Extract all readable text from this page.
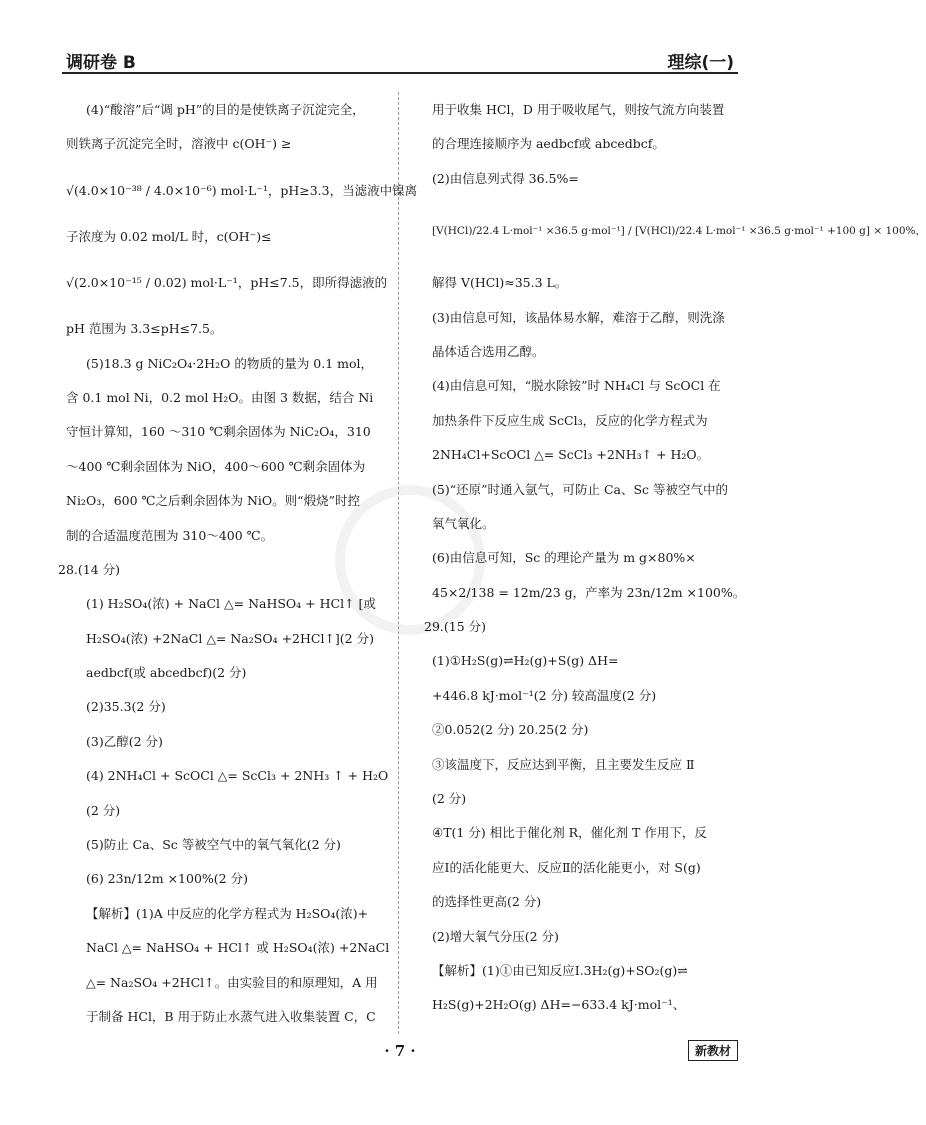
调研卷 B	理综(一)
(4)“酸溶”后“调 pH”的目的是使铁离子沉淀完全，
则铁离子沉淀完全时，溶液中 c(OH⁻) ≥
√(4.0×10⁻³⁸ / 4.0×10⁻⁶) mol·L⁻¹，pH≥3.3，当滤液中镍离
子浓度为 0.02 mol/L 时，c(OH⁻)≤
√(2.0×10⁻¹⁵ / 0.02) mol·L⁻¹，pH≤7.5，即所得滤液的
pH 范围为 3.3≤pH≤7.5。
(5)18.3 g NiC₂O₄·2H₂O 的物质的量为 0.1 mol，
含 0.1 mol Ni，0.2 mol H₂O。由图 3 数据，结合 Ni
守恒计算知，160 ～310 ℃剩余固体为 NiC₂O₄，310
～400 ℃剩余固体为 NiO，400～600 ℃剩余固体为
Ni₂O₃，600 ℃之后剩余固体为 NiO。则“煅烧”时控
制的合适温度范围为 310～400 ℃。
28.(14 分)
(1) H₂SO₄(浓) + NaCl △= NaHSO₄ + HCl↑ [或
H₂SO₄(浓) +2NaCl △= Na₂SO₄ +2HCl↑](2 分)
aedbcf(或 abcedbcf)(2 分)
(2)35.3(2 分)
(3)乙醇(2 分)
(4) 2NH₄Cl + ScOCl △= ScCl₃ + 2NH₃ ↑ + H₂O
(2 分)
(5)防止 Ca、Sc 等被空气中的氧气氧化(2 分)
(6) 23n/12m ×100%(2 分)
【解析】(1)A 中反应的化学方程式为 H₂SO₄(浓)+
NaCl △= NaHSO₄ + HCl↑ 或 H₂SO₄(浓) +2NaCl
△= Na₂SO₄ +2HCl↑。由实验目的和原理知，A 用
于制备 HCl，B 用于防止水蒸气进入收集装置 C，C
用于收集 HCl，D 用于吸收尾气，则按气流方向装置
的合理连接顺序为 aedbcf或 abcedbcf。
(2)由信息列式得 36.5%=
[V(HCl)/22.4 L·mol⁻¹ ×36.5 g·mol⁻¹] / [V(HCl)/22.4 L·mol⁻¹ ×36.5 g·mol⁻¹ +100 g] × 100%，
解得 V(HCl)≈35.3 L。
(3)由信息可知，该晶体易水解，难溶于乙醇，则洗涤
晶体适合选用乙醇。
(4)由信息可知，“脱水除铵”时 NH₄Cl 与 ScOCl 在
加热条件下反应生成 ScCl₃，反应的化学方程式为
2NH₄Cl+ScOCl △= ScCl₃ +2NH₃↑ + H₂O。
(5)“还原”时通入氩气，可防止 Ca、Sc 等被空气中的
氧气氧化。
(6)由信息可知，Sc 的理论产量为 m g×80%×
45×2/138 = 12m/23 g，产率为 23n/12m ×100%。
29.(15 分)
(1)①H₂S(g)⇌H₂(g)+S(g) ΔH=
+446.8 kJ·mol⁻¹(2 分) 较高温度(2 分)
②0.052(2 分) 20.25(2 分)
③该温度下，反应达到平衡，且主要发生反应 Ⅱ
(2 分)
④T(1 分) 相比于催化剂 R，催化剂 T 作用下，反
应Ⅰ的活化能更大、反应Ⅱ的活化能更小，对 S(g)
的选择性更高(2 分)
(2)增大氧气分压(2 分)
【解析】(1)①由已知反应Ⅰ.3H₂(g)+SO₂(g)⇌
H₂S(g)+2H₂O(g) ΔH=−633.4 kJ·mol⁻¹、
· 7 ·	新教材
